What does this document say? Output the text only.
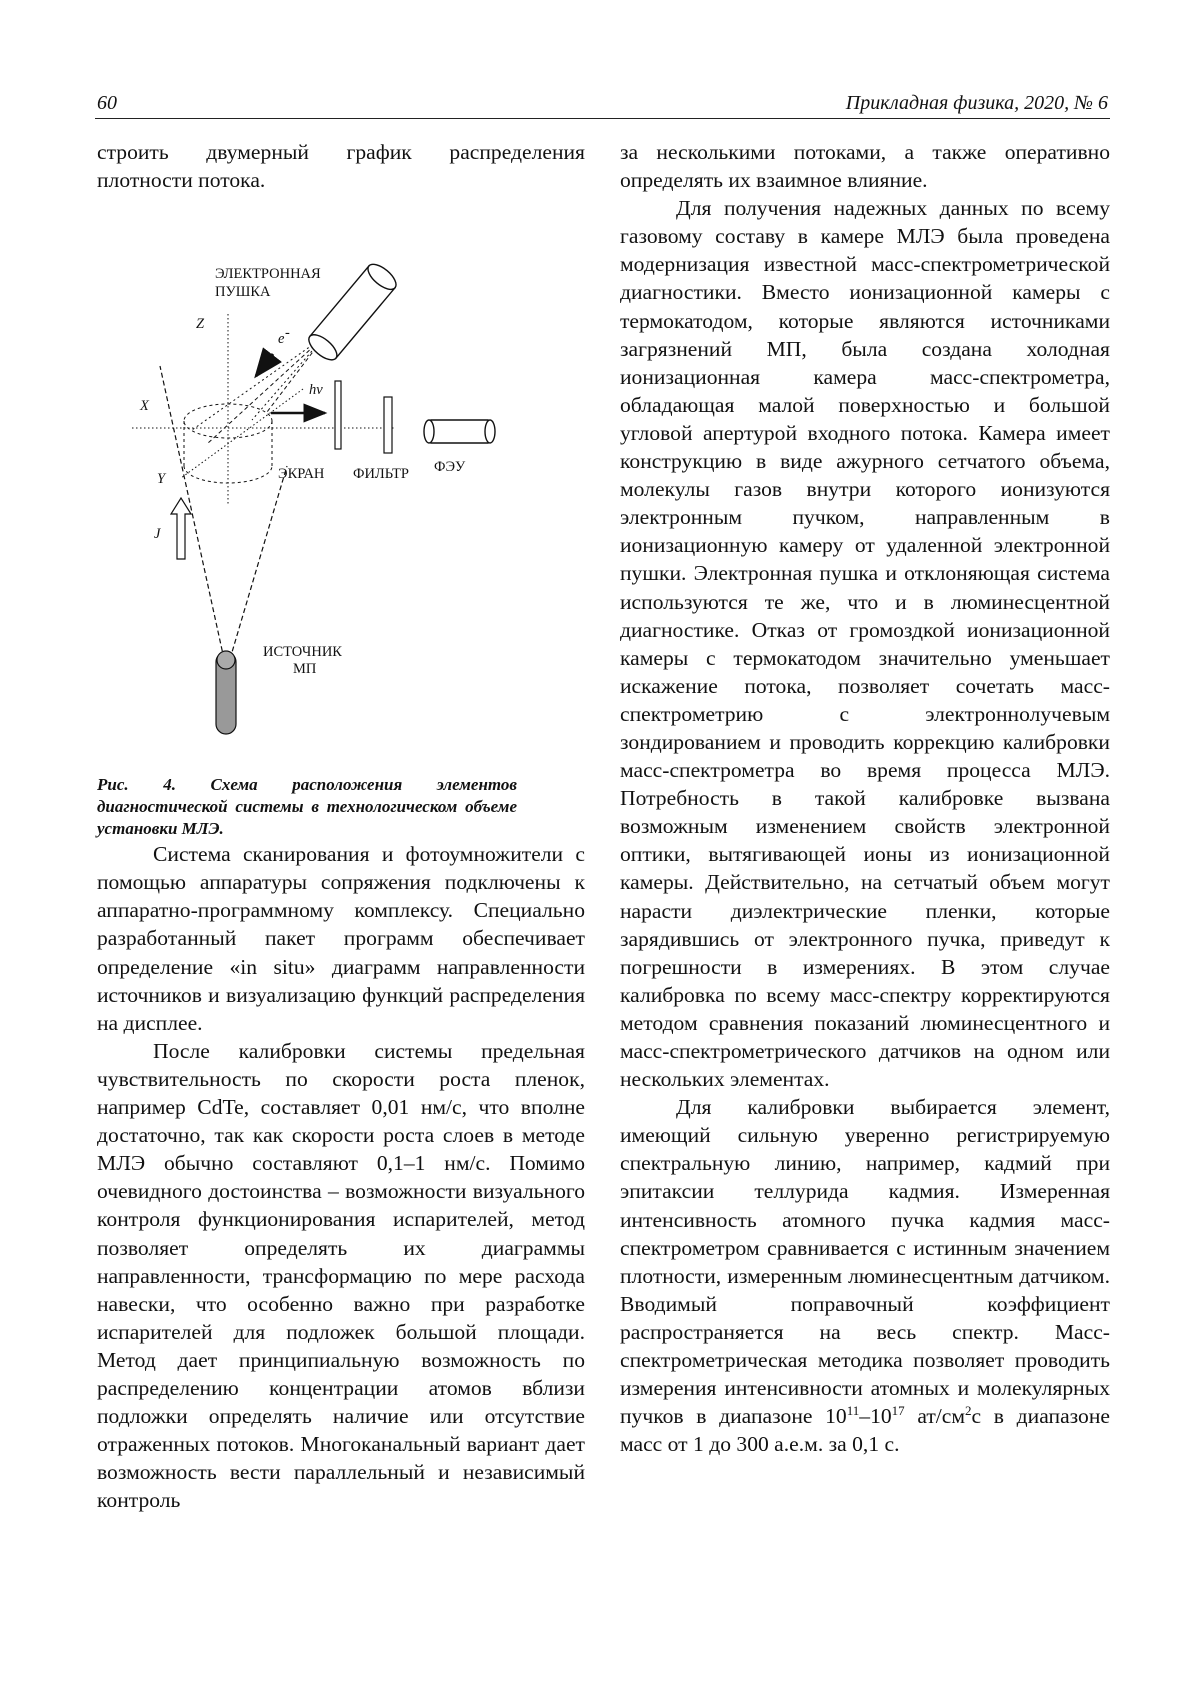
60	Прикладная физика, 2020, № 6

строить двумерный график распределения плотности потока.

ЭЛЕКТРОННАЯ
ПУШКА
Z
e -
hν
X
Y
J
ЭКРАН ФИЛЬТР ФЭУ
ИСТОЧНИК
МП

Рис. 4. Схема расположения элементов диагностической системы в технологическом объеме установки МЛЭ.

Система сканирования и фотоумножители с помощью аппаратуры сопряжения подключены к аппаратно-программному комплексу. Специально разработанный пакет программ обеспечивает определение «in situ» диаграмм направленности источников и визуализацию функций распределения на дисплее.

После калибровки системы предельная чувствительность по скорости роста пленок, например CdTe, составляет 0,01 нм/с, что вполне достаточно, так как скорости роста слоев в методе МЛЭ обычно составляют 0,1–1 нм/с. Помимо очевидного достоинства – возможности визуального контроля функционирования испарителей, метод позволяет определять их диаграммы направленности, трансформацию по мере расхода навески, что особенно важно при разработке испарителей для подложек большой площади. Метод дает принципиальную возможность по распределению концентрации атомов вблизи подложки определять наличие или отсутствие отраженных потоков. Многоканальный вариант дает возможность вести параллельный и независимый контроль

за несколькими потоками, а также оперативно определять их взаимное влияние.

Для получения надежных данных по всему газовому составу в камере МЛЭ была проведена модернизация известной масс-спектрометрической диагностики. Вместо ионизационной камеры с термокатодом, которые являются источниками загрязнений МП, была создана холодная ионизационная камера масс-спектрометра, обладающая малой поверхностью и большой угловой апертурой входного потока. Камера имеет конструкцию в виде ажурного сетчатого объема, молекулы газов внутри которого ионизуются электронным пучком, направленным в ионизационную камеру от удаленной электронной пушки. Электронная пушка и отклоняющая система используются те же, что и в люминесцентной диагностике. Отказ от громоздкой ионизационной камеры с термокатодом значительно уменьшает искажение потока, позволяет сочетать масс-спектрометрию с электроннолучевым зондированием и проводить коррекцию калибровки масс-спектрометра во время процесса МЛЭ. Потребность в такой калибровке вызвана возможным изменением свойств электронной оптики, вытягивающей ионы из ионизационной камеры. Действительно, на сетчатый объем могут нарасти диэлектрические пленки, которые зарядившись от электронного пучка, приведут к погрешности в измерениях. В этом случае калибровка по всему масс-спектру корректируются методом сравнения показаний люминесцентного и масс-спектрометрического датчиков на одном или нескольких элементах.

Для калибровки выбирается элемент, имеющий сильную уверенно регистрируемую спектральную линию, например, кадмий при эпитаксии теллурида кадмия. Измеренная интенсивность атомного пучка кадмия масс-спектрометром сравнивается с истинным значением плотности, измеренным люминесцентным датчиком. Вводимый поправочный коэффициент распространяется на весь спектр. Масс-спектрометрическая методика позволяет проводить измерения интенсивности атомных и молекулярных пучков в диапазоне 1011–1017 ат/см2с в диапазоне масс от 1 до 300 а.е.м. за 0,1 с.
